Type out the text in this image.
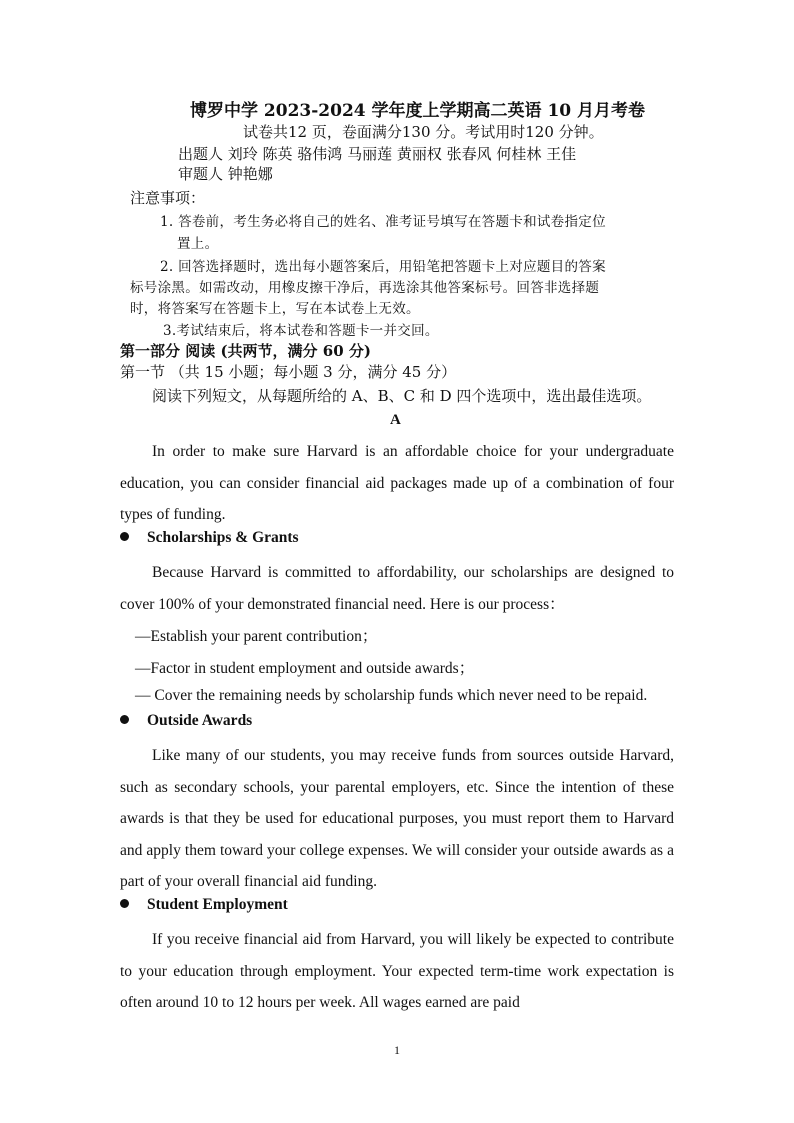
博罗中学 2023-2024 学年度上学期高二英语 10 月月考卷
试卷共12 页，卷面满分130 分。考试用时120 分钟。
出题人 刘玲 陈英 骆伟鸿 马丽莲 黄丽权 张春风 何桂林 王佳
审题人 钟艳娜
注意事项：
1. 答卷前，考生务必将自己的姓名、准考证号填写在答题卡和试卷指定位
置上。
2. 回答选择题时，选出每小题答案后，用铅笔把答题卡上对应题目的答案
标号涂黑。如需改动，用橡皮擦干净后，再选涂其他答案标号。回答非选择题
时，将答案写在答题卡上，写在本试卷上无效。
3.考试结束后，将本试卷和答题卡一并交回。
第一部分 阅读 (共两节，满分 60 分)
第一节 （共 15 小题；每小题 3 分，满分 45 分）
阅读下列短文，从每题所给的 A、B、C 和 D 四个选项中，选出最佳选项。
A

In order to make sure Harvard is an affordable choice for your undergraduate education, you can consider financial aid packages made up of a combination of four types of funding.

Scholarships & Grants

Because Harvard is committed to affordability, our scholarships are designed to cover 100% of your demonstrated financial need. Here is our process：

—Establish your parent contribution；
—Factor in student employment and outside awards；
— Cover the remaining needs by scholarship funds which never need to be repaid.
Outside Awards

Like many of our students, you may receive funds from sources outside Harvard, such as secondary schools, your parental employers, etc. Since the intention of these awards is that they be used for educational purposes, you must report them to Harvard and apply them toward your college expenses. We will consider your outside awards as a part of your overall financial aid funding.

Student Employment

If you receive financial aid from Harvard, you will likely be expected to contribute to your education through employment. Your expected term-time work expectation is often around 10 to 12 hours per week. All wages earned are paid

1
